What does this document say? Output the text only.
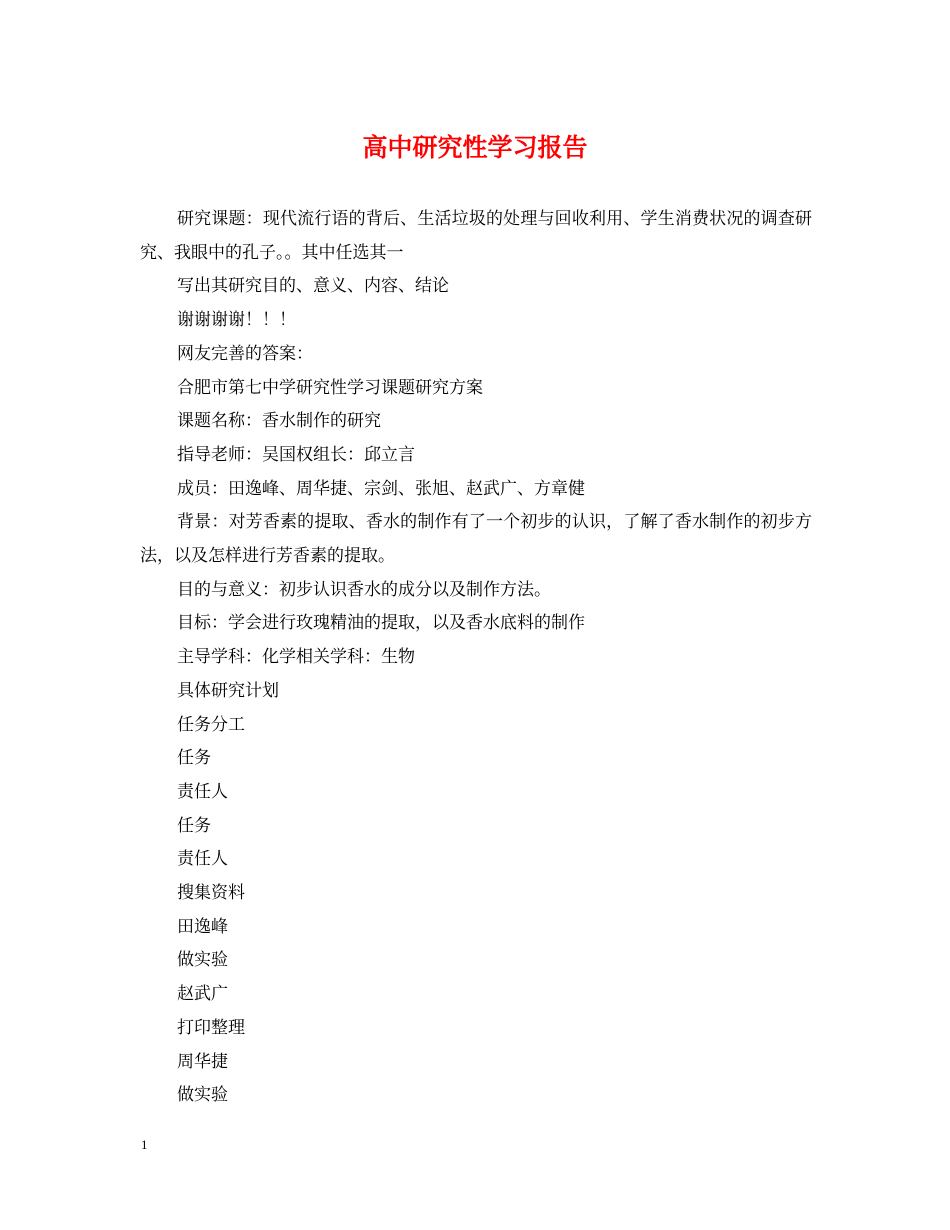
高中研究性学习报告

研究课题：现代流行语的背后、生活垃圾的处理与回收利用、学生消费状况的调查研究、我眼中的孔子。。其中任选其一

写出其研究目的、意义、内容、结论

谢谢谢谢！！！

网友完善的答案：

合肥市第七中学研究性学习课题研究方案

课题名称：香水制作的研究

指导老师：吴国权组长：邱立言

成员：田逸峰、周华捷、宗剑、张旭、赵武广、方章健

背景：对芳香素的提取、香水的制作有了一个初步的认识，了解了香水制作的初步方法，以及怎样进行芳香素的提取。

目的与意义：初步认识香水的成分以及制作方法。

目标：学会进行玫瑰精油的提取，以及香水底料的制作

主导学科：化学相关学科：生物

具体研究计划

任务分工

任务

责任人

任务

责任人

搜集资料

田逸峰

做实验

赵武广

打印整理

周华捷

做实验

1
